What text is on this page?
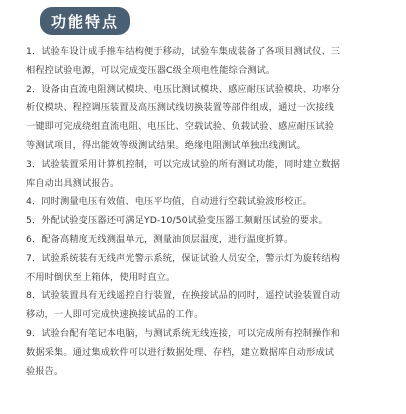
功能特点
1．试验车设计成手推车结构便于移动，试验车集成装备了各项目测试仪、三
相程控试验电源，可以完成变压器C级全项电性能综合测试。
2．设备由直流电阻测试模块、电压比测试模块、感应耐压试验模块、功率分
析仪模块、程控调压装置及高压测试线切换装置等部件组成，通过一次接线
一键即可完成绕组直流电阻、电压比、空载试验、负载试验、感应耐压试验
等测试项目，得出能效等级测试结果。绝缘电阻测试单独出线测试。
3．试验装置采用计算机控制，可以完成试验的所有测试功能，同时建立数据
库自动出具测试报告。
4．同时测量电压有效值、电压平均值，自动进行空载试验波形校正。
5．外配试验变压器还可满足YD-10/50试验变压器工频耐压试验的要求。
6．配备高精度无线测温单元，测量油顶层温度，进行温度折算。
7．试验系统装有无线声光警示系统，保证试验人员安全，警示灯为旋转结构
不用时倒伏至上箱体，使用时直立。
8．试验装置具有无线遥控自行装置，在换接试品的同时，遥控试验装置自动
移动，一人即可完成快速换接试品的工作。
9．试验台配有笔记本电脑，与测试系统无线连接，可以完成所有控制操作和
数据采集。通过集成软件可以进行数据处理、存档，建立数据库自动形成试
验报告。
